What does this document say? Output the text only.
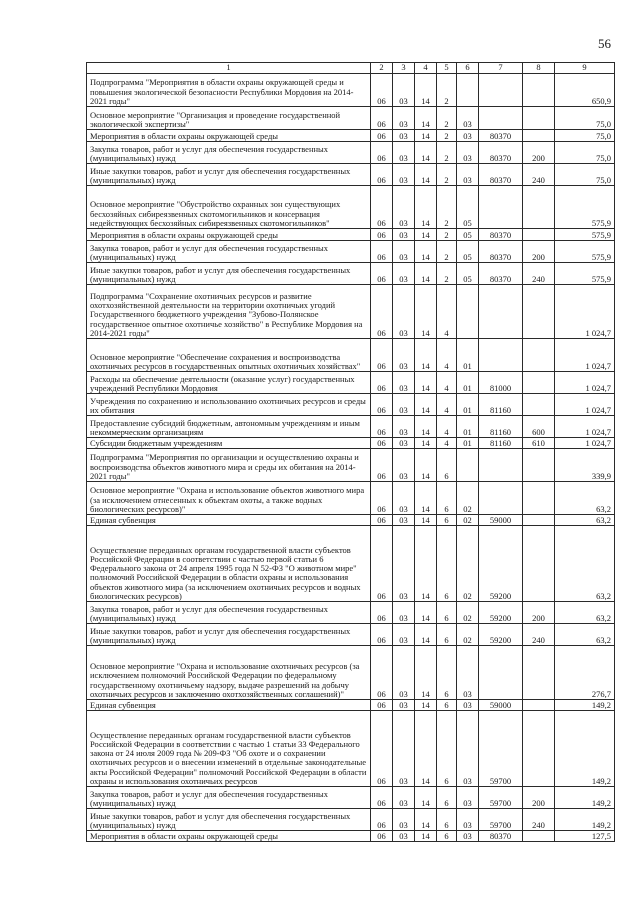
56
1	2	3	4	5	6	7	8	9
Подпрограмма "Мероприятия в области охраны окружающей среды и повышения экологической безопасности Республики Мордовия на 2014-2021 годы"	06	03	14	2				650,9
Основное мероприятие "Организация и проведение государственной экологической экспертизы"	06	03	14	2	03			75,0
Мероприятия в области охраны окружающей среды	06	03	14	2	03	80370		75,0
Закупка товаров, работ и услуг для обеспечения государственных (муниципальных) нужд	06	03	14	2	03	80370	200	75,0
Иные закупки товаров, работ и услуг для обеспечения государственных (муниципальных) нужд	06	03	14	2	03	80370	240	75,0
Основное мероприятие "Обустройство охранных зон существующих бесхозяйных сибиреязвенных скотомогильников и консервация недействующих бесхозяйных сибиреязвенных скотомогильников"	06	03	14	2	05			575,9
Мероприятия в области охраны окружающей среды	06	03	14	2	05	80370		575,9
Закупка товаров, работ и услуг для обеспечения государственных (муниципальных) нужд	06	03	14	2	05	80370	200	575,9
Иные закупки товаров, работ и услуг для обеспечения государственных (муниципальных) нужд	06	03	14	2	05	80370	240	575,9
Подпрограмма "Сохранение охотничьих ресурсов и развитие охотхозяйственной деятельности на территории охотничьих угодий Государственного бюджетного учреждения "Зубово-Полянское государственное опытное охотничье хозяйство" в Республике Мордовия на 2014-2021 годы"	06	03	14	4				1 024,7
Основное мероприятие "Обеспечение сохранения и воспроизводства охотничьих ресурсов в государственных опытных охотничьих хозяйствах"	06	03	14	4	01			1 024,7
Расходы на обеспечение деятельности (оказание услуг) государственных учреждений Республики Мордовия	06	03	14	4	01	81000		1 024,7
Учреждения по сохранению и использованию охотничьих ресурсов и среды их обитания	06	03	14	4	01	81160		1 024,7
Предоставление субсидий бюджетным, автономным учреждениям и иным некоммерческим организациям	06	03	14	4	01	81160	600	1 024,7
Субсидии бюджетным учреждениям	06	03	14	4	01	81160	610	1 024,7
Подпрограмма "Мероприятия по организации и осуществлению охраны и воспроизводства объектов животного мира и среды их обитания на 2014-2021 годы"	06	03	14	6				339,9
Основное мероприятие "Охрана и использование объектов животного мира (за исключением отнесенных к объектам охоты, а также водных биологических ресурсов)"	06	03	14	6	02			63,2
Единая субвенция	06	03	14	6	02	59000		63,2
Осуществление переданных органам государственной власти субъектов Российской Федерации в соответствии с частью первой статьи 6 Федерального закона от 24 апреля 1995 года N 52-ФЗ "О животном мире" полномочий Российской Федерации в области охраны и использования объектов животного мира (за исключением охотничьих ресурсов и водных биологических ресурсов)	06	03	14	6	02	59200		63,2
Закупка товаров, работ и услуг для обеспечения государственных (муниципальных) нужд	06	03	14	6	02	59200	200	63,2
Иные закупки товаров, работ и услуг для обеспечения государственных (муниципальных) нужд	06	03	14	6	02	59200	240	63,2
Основное мероприятие "Охрана и использование охотничьих ресурсов (за исключением полномочий Российской Федерации по федеральному государственному охотничьему надзору, выдаче разрешений на добычу охотничьих ресурсов и заключению охотхозяйственных соглашений)"	06	03	14	6	03			276,7
Единая субвенция	06	03	14	6	03	59000		149,2
Осуществление переданных органам государственной власти субъектов Российской Федерации в соответствии с частью 1 статьи 33 Федерального закона от 24 июля 2009 года № 209-ФЗ "Об охоте и о сохранении охотничьих ресурсов и о внесении изменений в отдельные законодательные акты Российской Федерации" полномочий Российской Федерации в области охраны и использования охотничьих ресурсов	06	03	14	6	03	59700		149,2
Закупка товаров, работ и услуг для обеспечения государственных (муниципальных) нужд	06	03	14	6	03	59700	200	149,2
Иные закупки товаров, работ и услуг для обеспечения государственных (муниципальных) нужд	06	03	14	6	03	59700	240	149,2
Мероприятия в области охраны окружающей среды	06	03	14	6	03	80370		127,5
